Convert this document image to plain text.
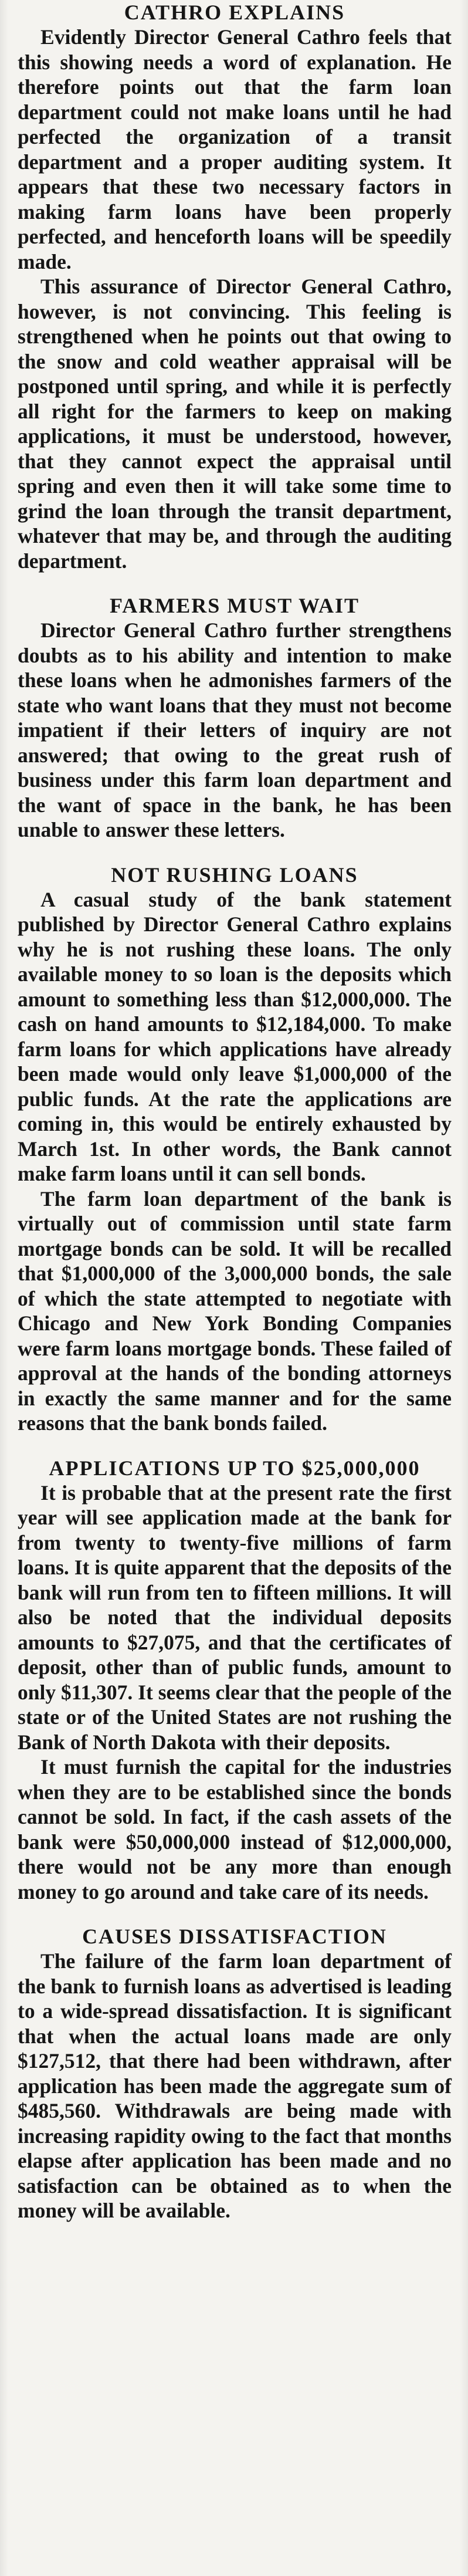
CATHRO EXPLAINS

Evidently Director General Cathro feels that this showing needs a word of explanation. He therefore points out that the farm loan department could not make loans until he had perfected the organization of a transit department and a proper auditing system. It appears that these two necessary factors in making farm loans have been properly perfected, and henceforth loans will be speedily made.

This assurance of Director General Cathro, however, is not convincing. This feeling is strengthened when he points out that owing to the snow and cold weather appraisal will be postponed until spring, and while it is perfectly all right for the farmers to keep on making applications, it must be understood, however, that they cannot expect the appraisal until spring and even then it will take some time to grind the loan through the transit department, whatever that may be, and through the auditing department.

FARMERS MUST WAIT

Director General Cathro further strengthens doubts as to his ability and intention to make these loans when he admonishes farmers of the state who want loans that they must not become impatient if their letters of inquiry are not answered; that owing to the great rush of business under this farm loan department and the want of space in the bank, he has been unable to answer these letters.

NOT RUSHING LOANS

A casual study of the bank statement published by Director General Cathro explains why he is not rushing these loans. The only available money to so loan is the deposits which amount to something less than $12,000,000. The cash on hand amounts to $12,184,000. To make farm loans for which applications have already been made would only leave $1,000,000 of the public funds. At the rate the applications are coming in, this would be entirely exhausted by March 1st. In other words, the Bank cannot make farm loans until it can sell bonds.

The farm loan department of the bank is virtually out of commission until state farm mortgage bonds can be sold. It will be recalled that $1,000,000 of the 3,000,000 bonds, the sale of which the state attempted to negotiate with Chicago and New York Bonding Companies were farm loans mortgage bonds. These failed of approval at the hands of the bonding attorneys in exactly the same manner and for the same reasons that the bank bonds failed.

APPLICATIONS UP TO $25,000,000

It is probable that at the present rate the first year will see application made at the bank for from twenty to twenty-five millions of farm loans. It is quite apparent that the deposits of the bank will run from ten to fifteen millions. It will also be noted that the individual deposits amounts to $27,075, and that the certificates of deposit, other than of public funds, amount to only $11,307. It seems clear that the people of the state or of the United States are not rushing the Bank of North Dakota with their deposits.

It must furnish the capital for the industries when they are to be established since the bonds cannot be sold. In fact, if the cash assets of the bank were $50,000,000 instead of $12,000,000, there would not be any more than enough money to go around and take care of its needs.

CAUSES DISSATISFACTION

The failure of the farm loan department of the bank to furnish loans as advertised is leading to a wide-spread dissatisfaction. It is significant that when the actual loans made are only $127,512, that there had been withdrawn, after application has been made the aggregate sum of $485,560. Withdrawals are being made with increasing rapidity owing to the fact that months elapse after application has been made and no satisfaction can be obtained as to when the money will be available.
